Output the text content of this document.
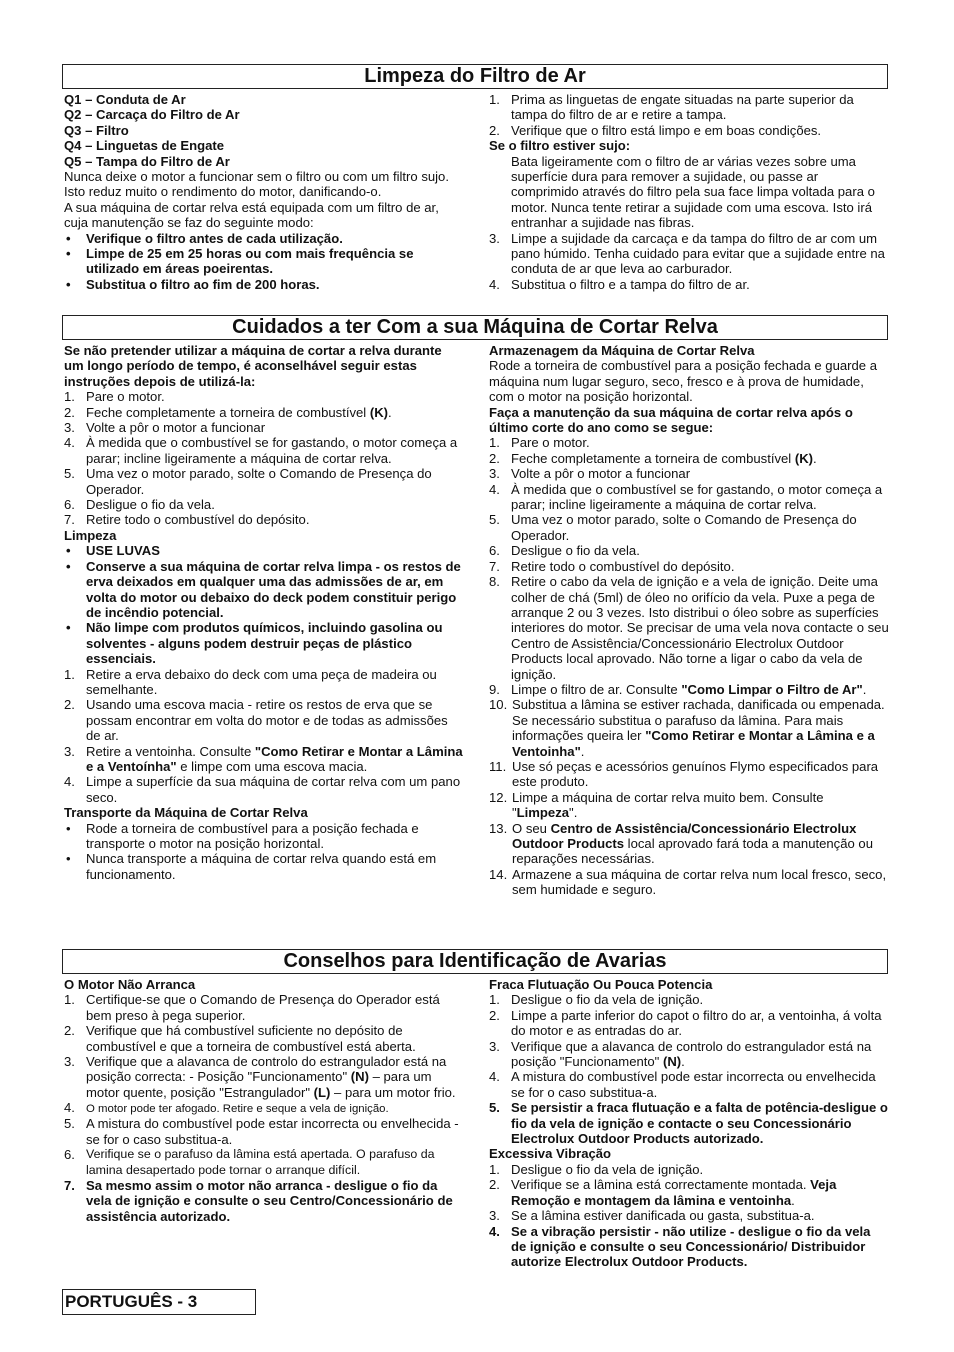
Limpeza do Filtro de Ar

Q1 – Conduta de Ar

Q2 – Carcaça do Filtro de Ar

Q3 – Filtro

Q4 – Linguetas de Engate

Q5 – Tampa do Filtro de Ar

Nunca deixe o motor a funcionar sem o filtro ou com um filtro sujo. Isto reduz muito o rendimento do motor, danificando-o.

A sua máquina de cortar relva está equipada com um filtro de ar, cuja manutenção se faz do seguinte modo:

• Verifique o filtro antes de cada utilização.

• Limpe de 25 em 25 horas ou com mais frequência se utilizado em áreas poeirentas.

• Substitua o filtro ao fim de 200 horas.

1. Prima as linguetas de engate situadas na parte superior da tampa do filtro de ar e retire a tampa.

2. Verifique que o filtro está limpo e em boas condições.

Se o filtro estiver sujo:

Bata ligeiramente com o filtro de ar várias vezes sobre uma superfície dura para remover a sujidade, ou passe ar comprimido através do filtro pela sua face limpa voltada para o motor. Nunca tente retirar a sujidade com uma escova. Isto irá entranhar a sujidade nas fibras.

3. Limpe a sujidade da carcaça e da tampa do filtro de ar com um pano húmido. Tenha cuidado para evitar que a sujidade entre na conduta de ar que leva ao carburador.

4. Substitua o filtro e a tampa do filtro de ar.

Cuidados a ter Com a sua Máquina de Cortar Relva

Se não pretender utilizar a máquina de cortar a relva durante um longo período de tempo, é aconselhável seguir estas instruções depois de utilizá-la:

1. Pare o motor.

2. Feche completamente a torneira de combustível (K).

3. Volte a pôr o motor a funcionar

4. À medida que o combustível se for gastando, o motor começa a parar; incline ligeiramente a máquina de cortar relva.

5. Uma vez o motor parado, solte o Comando de Presença do Operador.

6. Desligue o fio da vela.

7. Retire todo o combustível do depósito.

Limpeza

• USE LUVAS

• Conserve a sua máquina de cortar relva limpa - os restos de erva deixados em qualquer uma das admissões de ar, em volta do motor ou debaixo do deck podem constituir perigo de incêndio potencial.

• Não limpe com produtos químicos, incluindo gasolina ou solventes - alguns podem destruir peças de plástico essenciais.

1. Retire a erva debaixo do deck com uma peça de madeira ou semelhante.

2. Usando uma escova macia - retire os restos de erva que se possam encontrar em volta do motor e de todas as admissões de ar.

3. Retire a ventoinha. Consulte "Como Retirar e Montar a Lâmina e a Ventoínha" e limpe com uma escova macia.

4. Limpe a superfície da sua máquina de cortar relva com um pano seco.

Transporte da Máquina de Cortar Relva

• Rode a torneira de combustível para a posição fechada e transporte o motor na posição horizontal.

• Nunca transporte a máquina de cortar relva quando está em funcionamento.

Armazenagem da Máquina de Cortar Relva

Rode a torneira de combustível para a posição fechada e guarde a máquina num lugar seguro, seco, fresco e à prova de humidade, com o motor na posição horizontal.

Faça a manutenção da sua máquina de cortar relva após o último corte do ano como se segue:

1. Pare o motor.

2. Feche completamente a torneira de combustível (K).

3. Volte a pôr o motor a funcionar

4. À medida que o combustível se for gastando, o motor começa a parar; incline ligeiramente a máquina de cortar relva.

5. Uma vez o motor parado, solte o Comando de Presença do Operador.

6. Desligue o fio da vela.

7. Retire todo o combustível do depósito.

8. Retire o cabo da vela de ignição e a vela de ignição. Deite uma colher de chá (5ml) de óleo no orifício da vela. Puxe a pega de arranque 2 ou 3 vezes. Isto distribui o óleo sobre as superfícies interiores do motor. Se precisar de uma vela nova contacte o seu Centro de Assistência/Concessionário Electrolux Outdoor Products local aprovado. Não torne a ligar o cabo da vela de ignição.

9. Limpe o filtro de ar. Consulte "Como Limpar o Filtro de Ar".

10. Substitua a lâmina se estiver rachada, danificada ou empenada. Se necessário substitua o parafuso da lâmina. Para mais informações queira ler "Como Retirar e Montar a Lâmina e a Ventoinha".

11. Use só peças e acessórios genuínos Flymo especificados para este produto.

12. Limpe a máquina de cortar relva muito bem. Consulte "Limpeza".

13. O seu Centro de Assistência/Concessionário Electrolux Outdoor Products local aprovado fará toda a manutenção ou reparações necessárias.

14. Armazene a sua máquina de cortar relva num local fresco, seco, sem humidade e seguro.

Conselhos para Identificação de Avarias

O Motor Não Arranca

1. Certifique-se que o Comando de Presença do Operador está bem preso à pega superior.

2. Verifique que há combustível suficiente no depósito de combustível e que a torneira de combustível está aberta.

3. Verifique que a alavanca de controlo do estrangulador está na posição correcta: - Posição "Funcionamento" (N) – para um motor quente, posição "Estrangulador" (L) – para um motor frio.

4. O motor pode ter afogado. Retire e seque a vela de ignição.

5. A mistura do combustível pode estar incorrecta ou envelhecida - se for o caso substitua-a.

6. Verifique se o parafuso da lâmina está apertada. O parafuso da lamina desapertado pode tornar o arranque difícil.

7. Sa mesmo assim o motor não arranca - desligue o fio da vela de ignição e consulte o seu Centro/Concessionário de assistência autorizado.

Fraca Flutuação Ou Pouca Potencia

1. Desligue o fio da vela de ignição.

2. Limpe a parte inferior do capot o filtro do ar, a ventoinha, á volta do motor e as entradas do ar.

3. Verifique que a alavanca de controlo do estrangulador está na posição "Funcionamento" (N).

4. A mistura do combustível pode estar incorrecta ou envelhecida se for o caso substitua-a.

5. Se persistir a fraca flutuação e a falta de potência-desligue o fio da vela de ignição e contacte o seu Concessionário Electrolux Outdoor Products autorizado.

Excessiva Vibração

1. Desligue o fio da vela de ignição.

2. Verifique se a lâmina está correctamente montada. Veja Remoção e montagem da lâmina e ventoinha.

3. Se a lâmina estiver danificada ou gasta, substitua-a.

4. Se a vibração persistir - não utilize - desligue o fio da vela de ignição e consulte o seu Concessionário/ Distribuidor autorize Electrolux Outdoor Products.

PORTUGUÊS - 3
